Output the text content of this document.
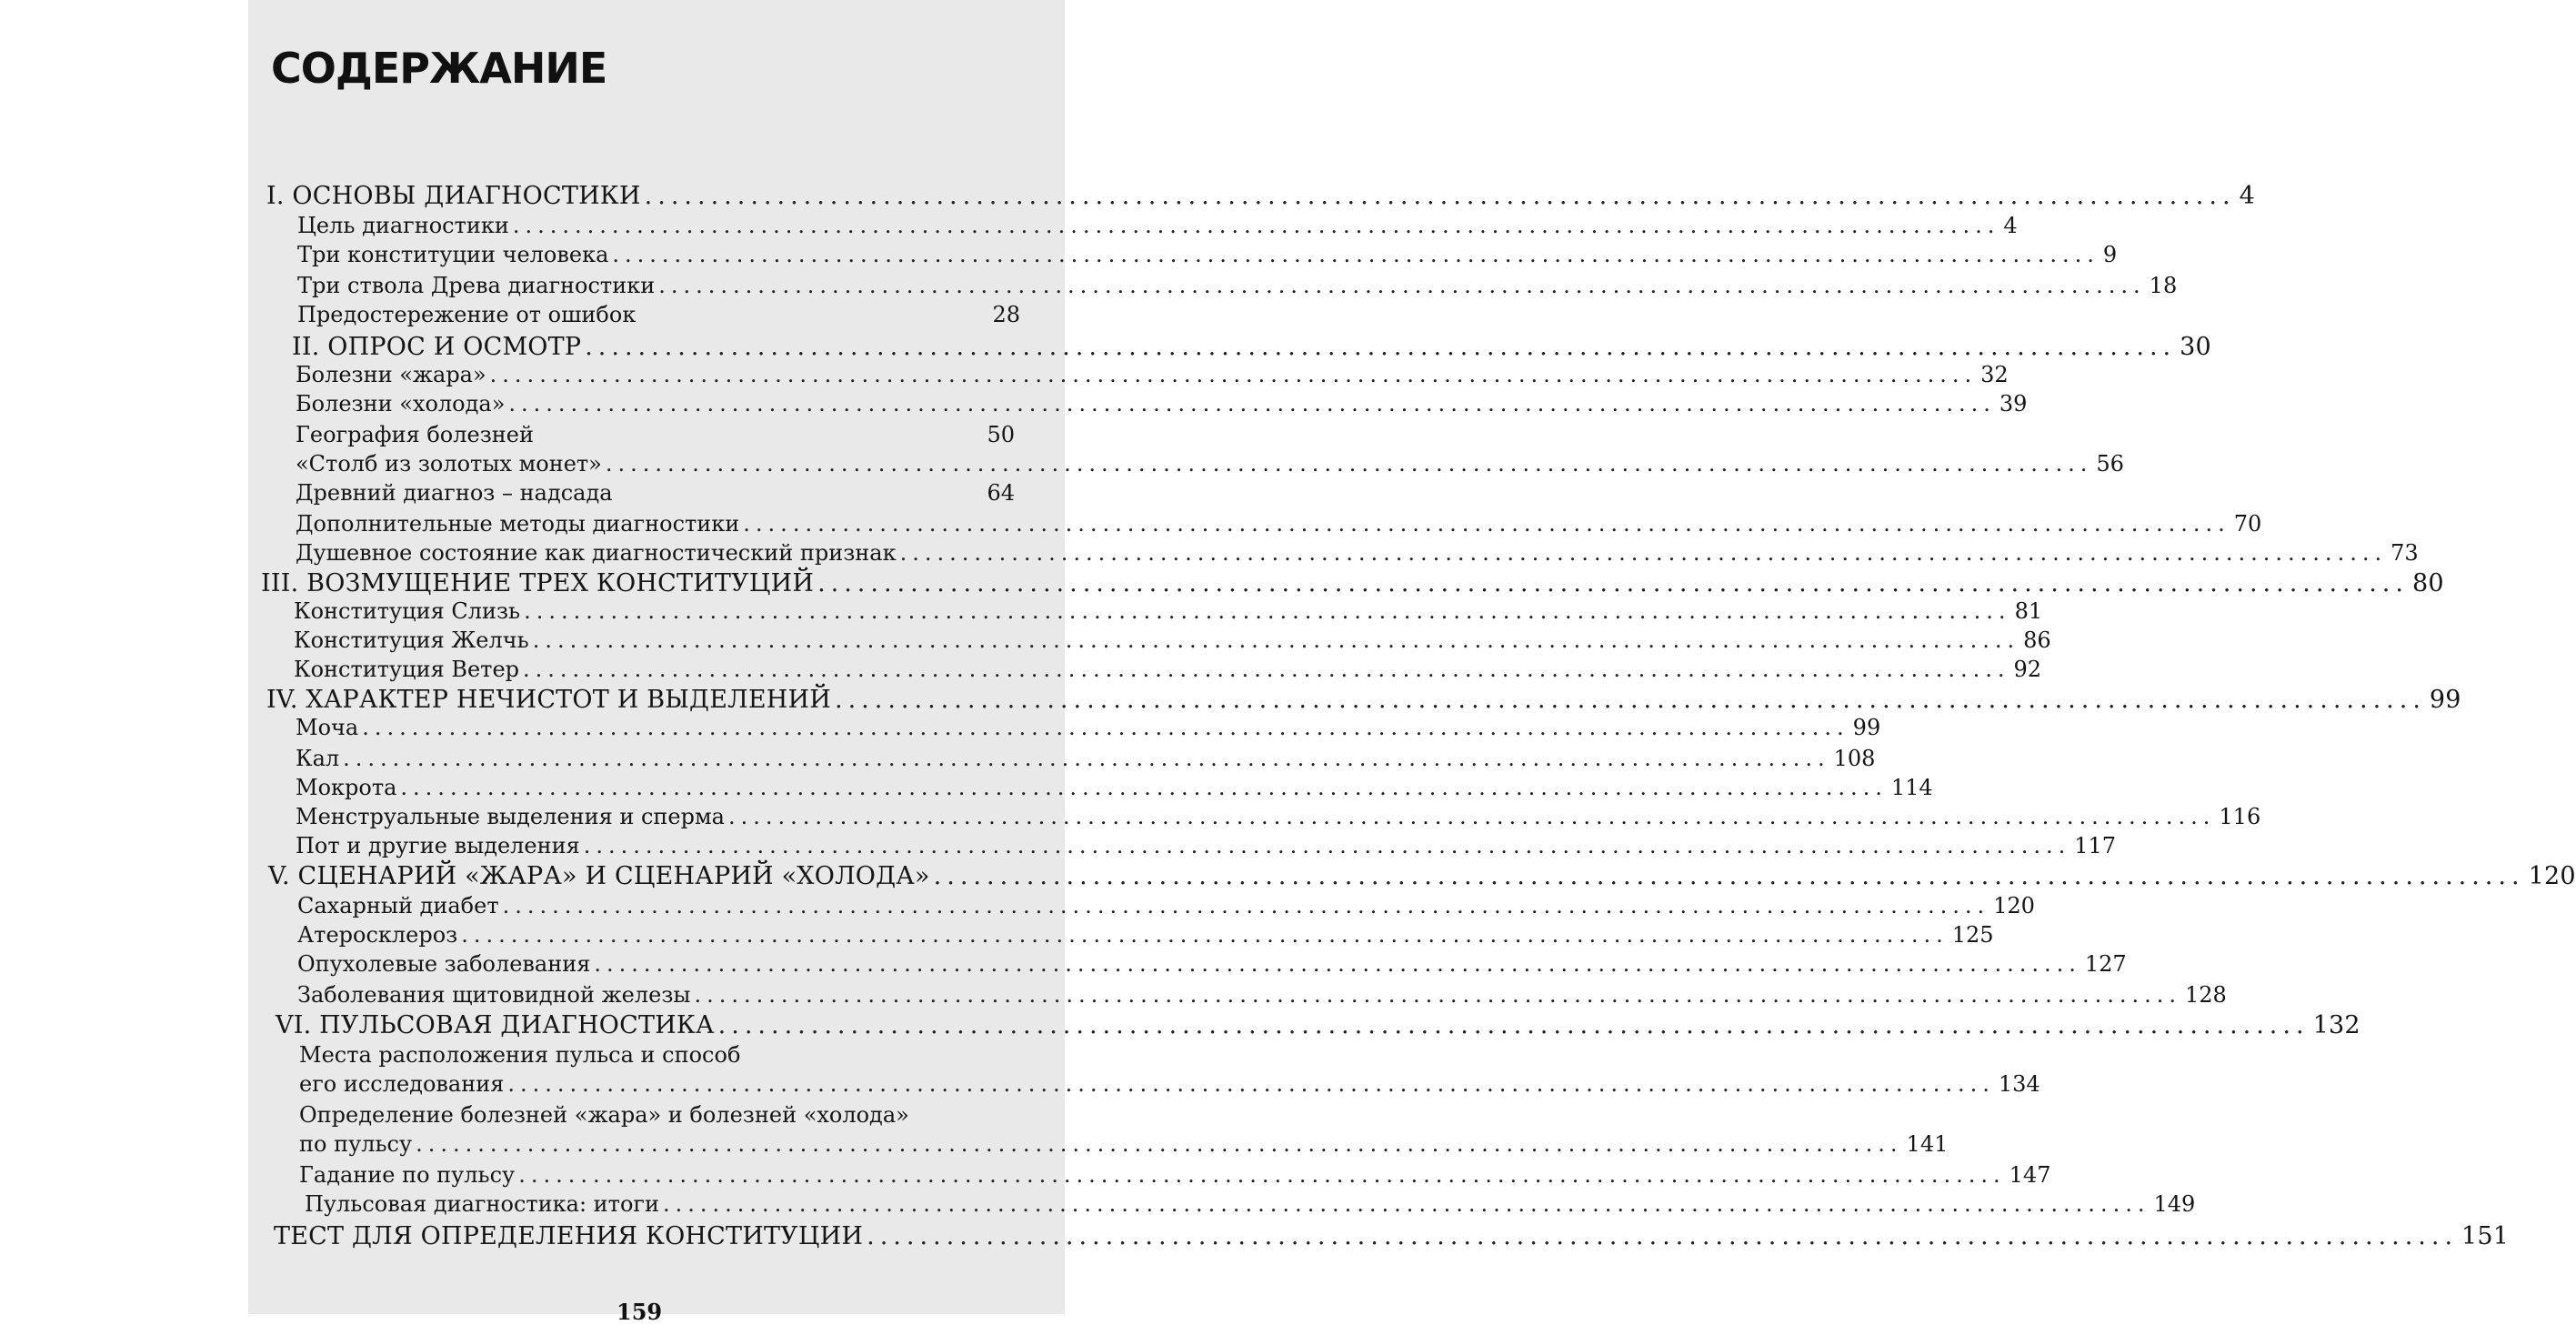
СОДЕРЖАНИЕ
I. ОСНОВЫ ДИАГНОСТИКИ ........................................................................................................................ 4
Цель диагностики ........................................................................................................................ 4
Три конституции человека ........................................................................................................................ 9
Три ствола Древа диагностики ........................................................................................................................ 18
Предостережение от ошибок	28
II. ОПРОС И ОСМОТР ........................................................................................................................ 30
Болезни «жара» ........................................................................................................................ 32
Болезни «холода» ........................................................................................................................ 39
География болезней	50
«Столб из золотых монет» ........................................................................................................................ 56
Древний диагноз – надсада	64
Дополнительные методы диагностики ........................................................................................................................ 70
Душевное состояние как диагностический признак ........................................................................................................................ 73
III. ВОЗМУЩЕНИЕ ТРЕХ КОНСТИТУЦИЙ ........................................................................................................................ 80
Конституция Слизь ........................................................................................................................ 81
Конституция Желчь ........................................................................................................................ 86
Конституция Ветер ........................................................................................................................ 92
IV. ХАРАКТЕР НЕЧИСТОТ И ВЫДЕЛЕНИЙ ........................................................................................................................ 99
Моча ........................................................................................................................ 99
Кал ........................................................................................................................ 108
Мокрота ........................................................................................................................ 114
Менструальные выделения и сперма ........................................................................................................................ 116
Пот и другие выделения ........................................................................................................................ 117
V. СЦЕНАРИЙ «ЖАРА» И СЦЕНАРИЙ «ХОЛОДА» ........................................................................................................................ 120
Сахарный диабет ........................................................................................................................ 120
Атеросклероз ........................................................................................................................ 125
Опухолевые заболевания ........................................................................................................................ 127
Заболевания щитовидной железы ........................................................................................................................ 128
VI. ПУЛЬСОВАЯ ДИАГНОСТИКА ........................................................................................................................ 132
Места расположения пульса и способ
его исследования ........................................................................................................................ 134
Определение болезней «жара» и болезней «холода»
по пульсу ........................................................................................................................ 141
Гадание по пульсу ........................................................................................................................ 147
Пульсовая диагностика: итоги ........................................................................................................................ 149
ТЕСТ ДЛЯ ОПРЕДЕЛЕНИЯ КОНСТИТУЦИИ ........................................................................................................................ 151
159
